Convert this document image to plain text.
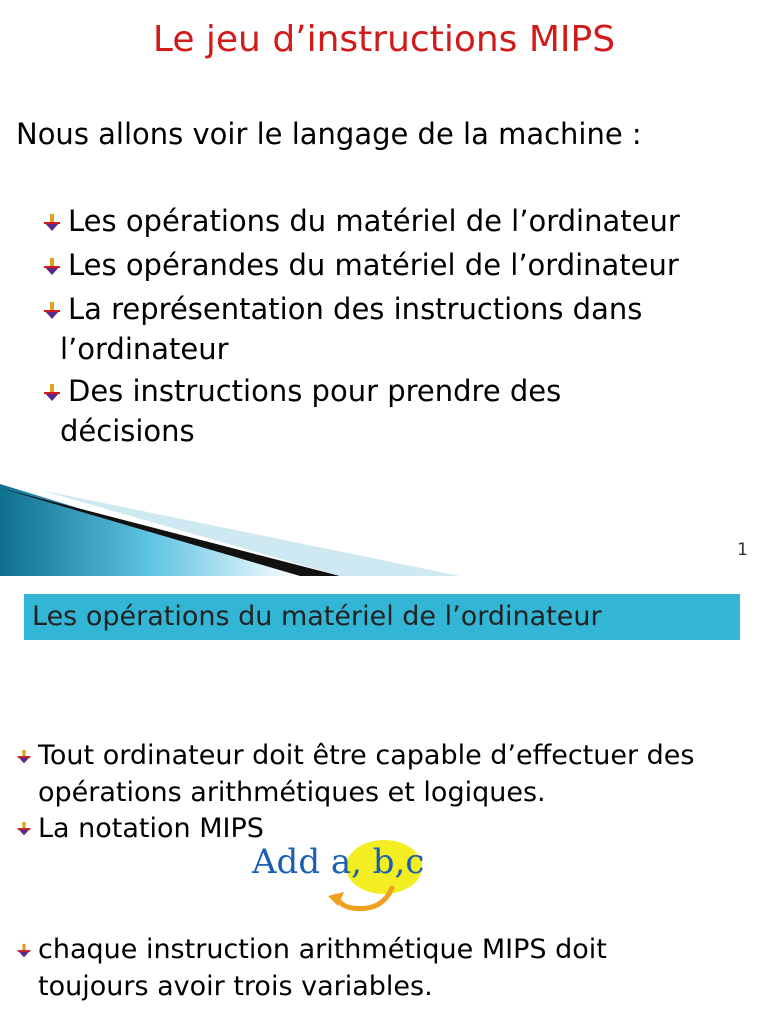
Le jeu d’instructions MIPS
Nous allons voir le langage de la machine :
Les opérations du matériel de l’ordinateur
Les opérandes du matériel de l’ordinateur
La représentation des instructions dans
l’ordinateur
Des instructions pour prendre des
décisions
1
Les opérations du matériel de l’ordinateur
Tout ordinateur doit être capable d’effectuer des
opérations arithmétiques et logiques.
La notation MIPS
Add a, b,c
chaque instruction arithmétique MIPS doit
toujours avoir trois variables.
